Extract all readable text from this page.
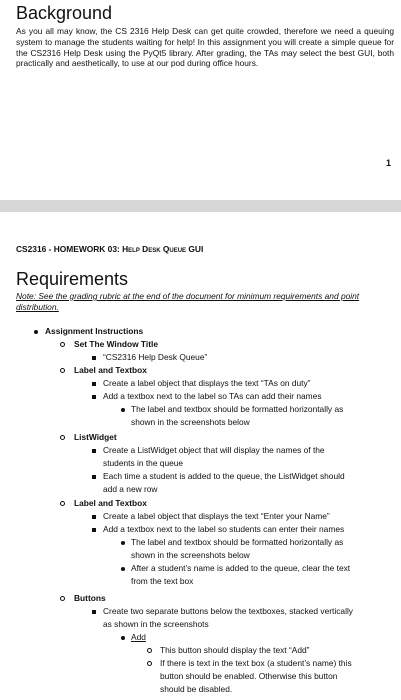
Background

As you all may know, the CS 2316 Help Desk can get quite crowded, therefore we need a queuing system to manage the students waiting for help! In this assignment you will create a simple queue for the CS2316 Help Desk using the PyQt5 library. After grading, the TAs may select the best GUI, both practically and aesthetically, to use at our pod during office hours.

1
CS2316 - HOMEWORK 03: Help Desk Queue GUI
Requirements

Note: See the grading rubric at the end of the document for minimum requirements and point distribution.

Assignment Instructions
Set The Window Title
“CS2316 Help Desk Queue”
Label and Textbox
Create a label object that displays the text “TAs on duty”
Add a textbox next to the label so TAs can add their names
The label and textbox should be formatted horizontally as
shown in the screenshots below
ListWidget
Create a ListWidget object that will display the names of the
students in the queue
Each time a student is added to the queue, the ListWidget should
add a new row
Label and Textbox
Create a label object that displays the text “Enter your Name”
Add a textbox next to the label so students can enter their names
The label and textbox should be formatted horizontally as
shown in the screenshots below
After a student’s name is added to the queue, clear the text
from the text box
Buttons
Create two separate buttons below the textboxes, stacked vertically
as shown in the screenshots
Add
This button should display the text “Add”
If there is text in the text box (a student’s name) this
button should be enabled. Otherwise this button
should be disabled.
